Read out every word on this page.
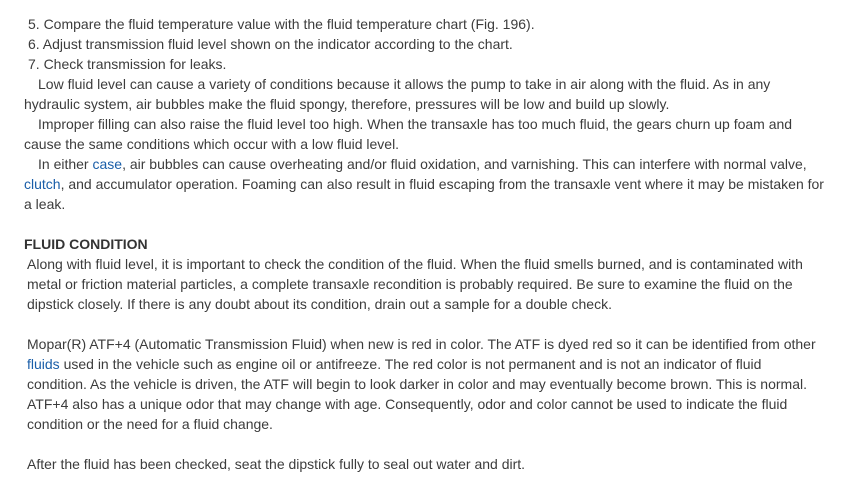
5. Compare the fluid temperature value with the fluid temperature chart (Fig. 196).

6. Adjust transmission fluid level shown on the indicator according to the chart.

7. Check transmission for leaks.

Low fluid level can cause a variety of conditions because it allows the pump to take in air along with the fluid. As in any hydraulic system, air bubbles make the fluid spongy, therefore, pressures will be low and build up slowly.

Improper filling can also raise the fluid level too high. When the transaxle has too much fluid, the gears churn up foam and cause the same conditions which occur with a low fluid level.

In either case, air bubbles can cause overheating and/or fluid oxidation, and varnishing. This can interfere with normal valve, clutch, and accumulator operation. Foaming can also result in fluid escaping from the transaxle vent where it may be mistaken for a leak.

FLUID CONDITION

Along with fluid level, it is important to check the condition of the fluid. When the fluid smells burned, and is contaminated with metal or friction material particles, a complete transaxle recondition is probably required. Be sure to examine the fluid on the dipstick closely. If there is any doubt about its condition, drain out a sample for a double check.

Mopar(R) ATF+4 (Automatic Transmission Fluid) when new is red in color. The ATF is dyed red so it can be identified from other fluids used in the vehicle such as engine oil or antifreeze. The red color is not permanent and is not an indicator of fluid condition. As the vehicle is driven, the ATF will begin to look darker in color and may eventually become brown. This is normal. ATF+4 also has a unique odor that may change with age. Consequently, odor and color cannot be used to indicate the fluid condition or the need for a fluid change.

After the fluid has been checked, seat the dipstick fully to seal out water and dirt.
